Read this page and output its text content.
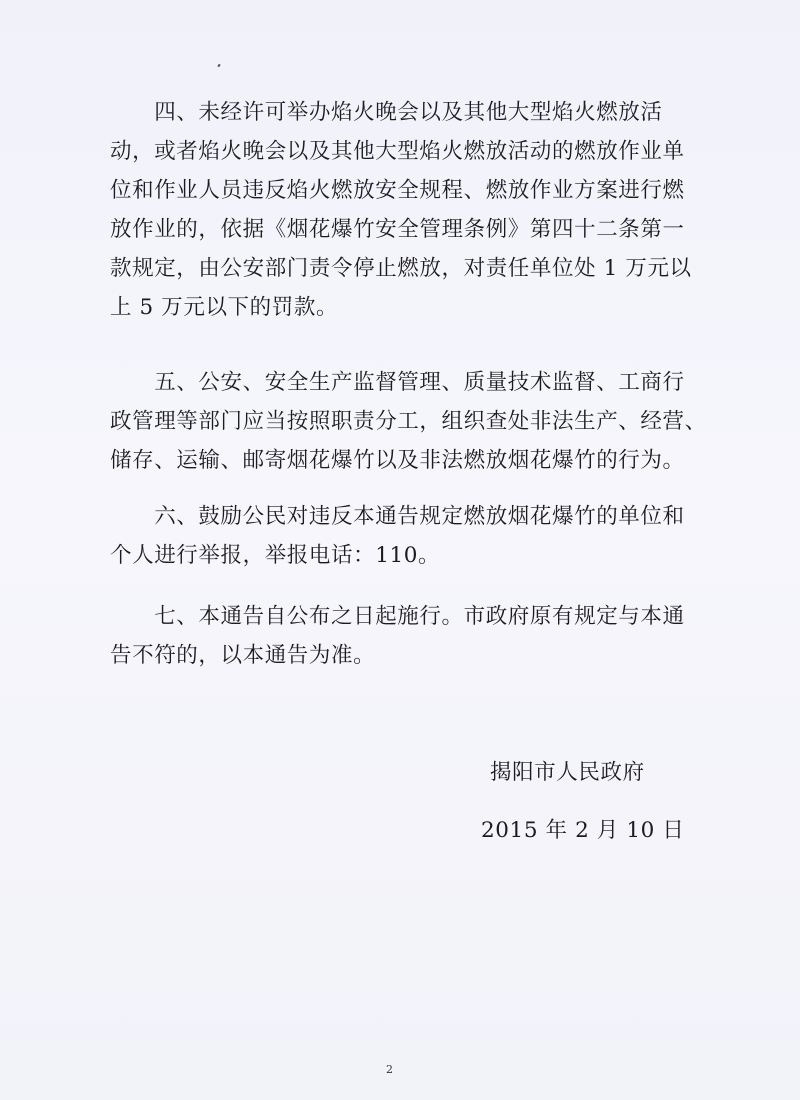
　　四、未经许可举办焰火晚会以及其他大型焰火燃放活
动，或者焰火晚会以及其他大型焰火燃放活动的燃放作业单
位和作业人员违反焰火燃放安全规程、燃放作业方案进行燃
放作业的，依据《烟花爆竹安全管理条例》第四十二条第一
款规定，由公安部门责令停止燃放，对责任单位处 1 万元以
上 5 万元以下的罚款。

　　五、公安、安全生产监督管理、质量技术监督、工商行
政管理等部门应当按照职责分工，组织查处非法生产、经营、
储存、运输、邮寄烟花爆竹以及非法燃放烟花爆竹的行为。

　　六、鼓励公民对违反本通告规定燃放烟花爆竹的单位和
个人进行举报，举报电话：110。

　　七、本通告自公布之日起施行。市政府原有规定与本通
告不符的，以本通告为准。

揭阳市人民政府

2015 年 2 月 10 日

2
